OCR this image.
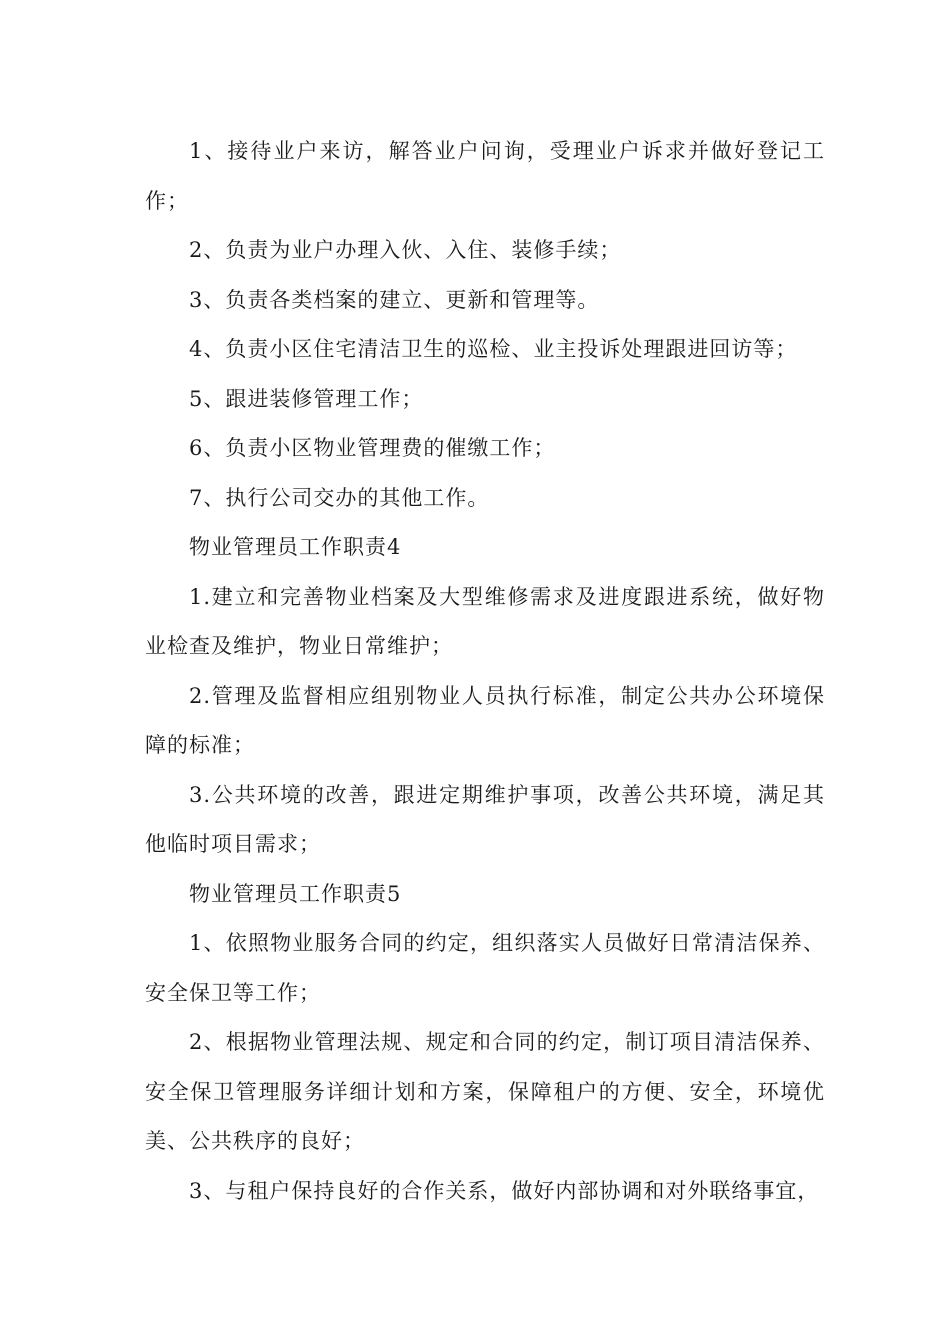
1、接待业户来访，解答业户问询，受理业户诉求并做好登记工作；

2、负责为业户办理入伙、入住、装修手续；

3、负责各类档案的建立、更新和管理等。

4、负责小区住宅清洁卫生的巡检、业主投诉处理跟进回访等；

5、跟进装修管理工作；

6、负责小区物业管理费的催缴工作；

7、执行公司交办的其他工作。

物业管理员工作职责4

1.建立和完善物业档案及大型维修需求及进度跟进系统，做好物业检查及维护，物业日常维护；

2.管理及监督相应组别物业人员执行标准，制定公共办公环境保障的标准；

3.公共环境的改善，跟进定期维护事项，改善公共环境，满足其他临时项目需求；

物业管理员工作职责5

1、依照物业服务合同的约定，组织落实人员做好日常清洁保养、安全保卫等工作；

2、根据物业管理法规、规定和合同的约定，制订项目清洁保养、安全保卫管理服务详细计划和方案，保障租户的方便、安全，环境优美、公共秩序的良好；

3、与租户保持良好的合作关系，做好内部协调和对外联络事宜，
